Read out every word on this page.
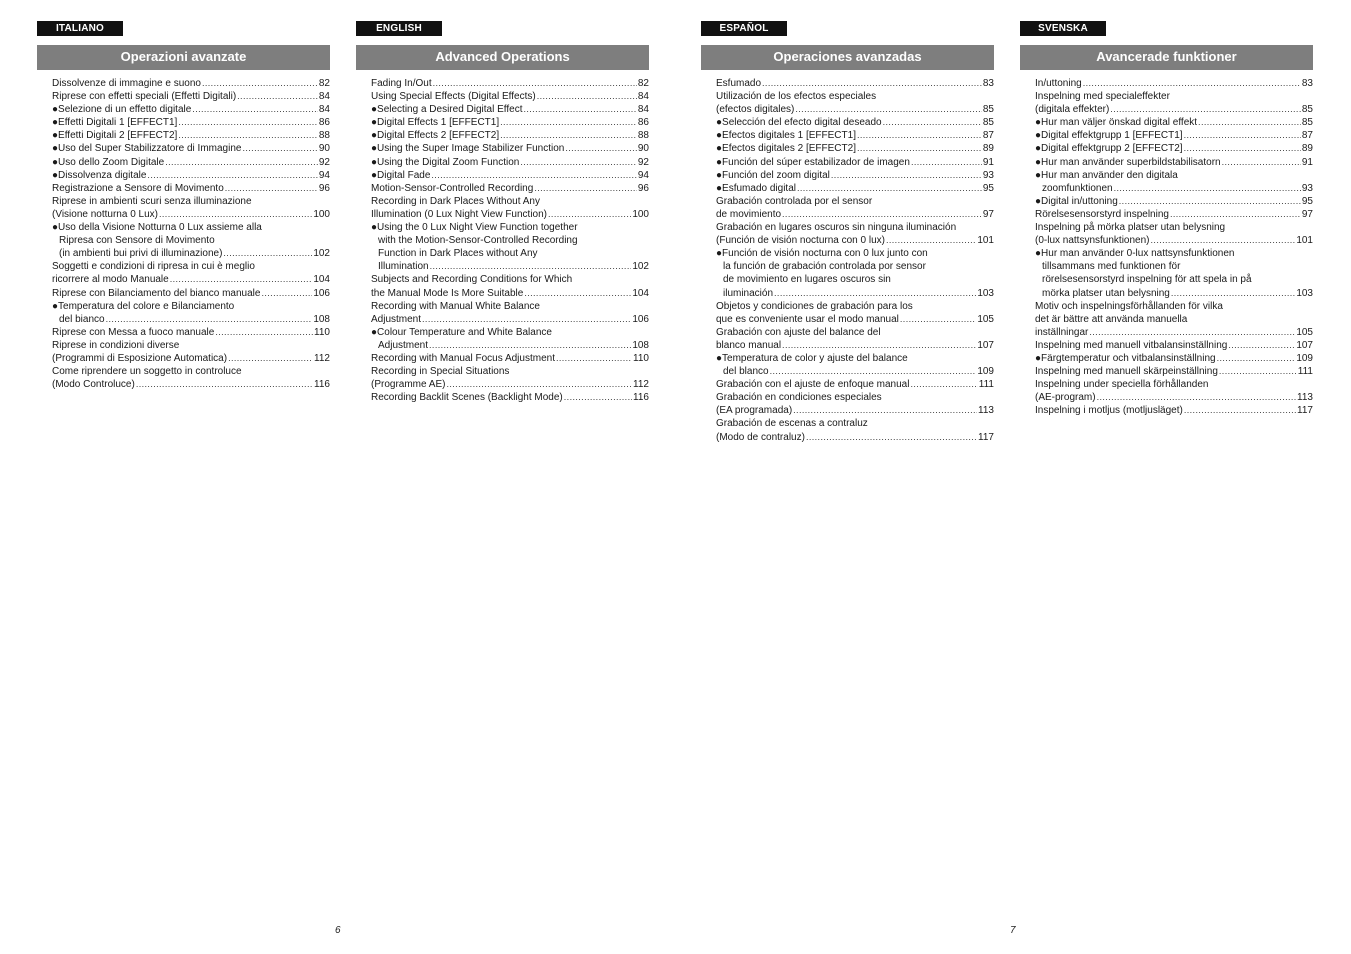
ITALIANO
Operazioni avanzate
Dissolvenze di immagine e suono .....	82
Riprese con effetti speciali (Effetti Digitali) .....	84
●Selezione di un effetto digitale .....	84
●Effetti Digitali 1 [EFFECT1] .....	86
●Effetti Digitali 2 [EFFECT2] .....	88
●Uso del Super Stabilizzatore di Immagine .....	90
●Uso dello Zoom Digitale .....	92
●Dissolvenza digitale .....	94
Registrazione a Sensore di Movimento .....	96
Riprese in ambienti scuri senza illuminazione
(Visione notturna 0 Lux) .....	100
●Uso della Visione Notturna 0 Lux assieme alla
Ripresa con Sensore di Movimento
(in ambienti bui privi di illuminazione) .....	102
Soggetti e condizioni di ripresa in cui è meglio
ricorrere al modo Manuale .....	104
Riprese con Bilanciamento del bianco manuale .....	106
●Temperatura del colore e Bilanciamento
del bianco .....	108
Riprese con Messa a fuoco manuale .....	110
Riprese in condizioni diverse
(Programmi di Esposizione Automatica) .....	112
Come riprendere un soggetto in controluce
(Modo Controluce) .....	116
ENGLISH
Advanced Operations
Fading In/Out .....	82
Using Special Effects (Digital Effects) .....	84
●Selecting a Desired Digital Effect .....	84
●Digital Effects 1 [EFFECT1] .....	86
●Digital Effects 2 [EFFECT2] .....	88
●Using the Super Image Stabilizer Function .....	90
●Using the Digital Zoom Function .....	92
●Digital Fade .....	94
Motion-Sensor-Controlled Recording .....	96
Recording in Dark Places Without Any
Illumination (0 Lux Night View Function) .....	100
●Using the 0 Lux Night View Function together
with the Motion-Sensor-Controlled Recording
Function in Dark Places without Any
Illumination .....	102
Subjects and Recording Conditions for Which
the Manual Mode Is More Suitable .....	104
Recording with Manual White Balance
Adjustment .....	106
●Colour Temperature and White Balance
Adjustment .....	108
Recording with Manual Focus Adjustment .....	110
Recording in Special Situations
(Programme AE) .....	112
Recording Backlit Scenes (Backlight Mode) .....	116
ESPAÑOL
Operaciones avanzadas
Esfumado .....	83
Utilización de los efectos especiales
(efectos digitales) .....	85
●Selección del efecto digital deseado .....	85
●Efectos digitales 1 [EFFECT1] .....	87
●Efectos digitales 2 [EFFECT2] .....	89
●Función del súper estabilizador de imagen .....	91
●Función del zoom digital .....	93
●Esfumado digital .....	95
Grabación controlada por el sensor
de movimiento .....	97
Grabación en lugares oscuros sin ninguna iluminación
(Función de visión nocturna con 0 lux) .....	101
●Función de visión nocturna con 0 lux junto con
la función de grabación controlada por sensor
de movimiento en lugares oscuros sin
iluminación .....	103
Objetos y condiciones de grabación para los
que es conveniente usar el modo manual .....	105
Grabación con ajuste del balance del
blanco manual .....	107
●Temperatura de color y ajuste del balance
del blanco .....	109
Grabación con el ajuste de enfoque manual .....	111
Grabación en condiciones especiales
(EA programada) .....	113
Grabación de escenas a contraluz
(Modo de contraluz) .....	117
SVENSKA
Avancerade funktioner
In/uttoning .....	83
Inspelning med specialeffekter
(digitala effekter) .....	85
●Hur man väljer önskad digital effekt .....	85
●Digital effektgrupp 1 [EFFECT1] .....	87
●Digital effektgrupp 2 [EFFECT2] .....	89
●Hur man använder superbildstabilisatorn .....	91
●Hur man använder den digitala
zoomfunktionen .....	93
●Digital in/uttoning .....	95
Rörelsesensorstyrd inspelning .....	97
Inspelning på mörka platser utan belysning
(0-lux nattsynsfunktionen) .....	101
●Hur man använder 0-lux nattsynsfunktionen
tillsammans med funktionen för
rörelsesensorstyrd inspelning för att spela in på
mörka platser utan belysning .....	103
Motiv och inspelningsförhållanden för vilka
det är bättre att använda manuella
inställningar .....	105
Inspelning med manuell vitbalansinställning .....	107
●Färgtemperatur och vitbalansinställning .....	109
Inspelning med manuell skärpeinställning .....	111
Inspelning under speciella förhållanden
(AE-program) .....	113
Inspelning i motljus (motljusläget) .....	117
6	7
